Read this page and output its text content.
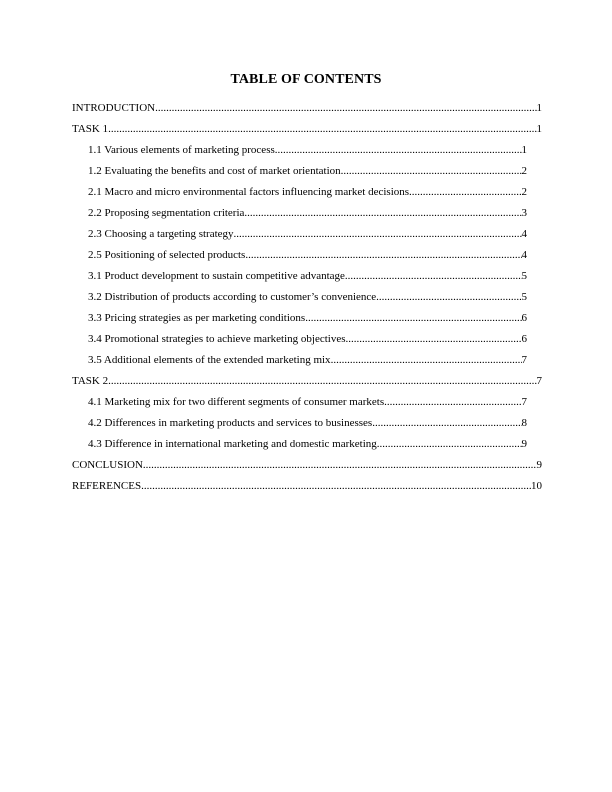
TABLE OF CONTENTS
INTRODUCTION .....	1
TASK 1 .....	1
1.1 Various elements of marketing process .....	1
1.2 Evaluating the benefits and cost of market orientation .....	2
2.1 Macro and micro environmental factors influencing market decisions .....	2
2.2 Proposing segmentation criteria .....	3
2.3 Choosing a targeting strategy .....	4
2.5 Positioning of selected products .....	4
3.1 Product development to sustain competitive advantage .....	5
3.2 Distribution of products according to customer’s convenience .....	5
3.3 Pricing strategies as per marketing conditions .....	6
3.4 Promotional strategies to achieve marketing objectives .....	6
3.5 Additional elements of the extended marketing mix .....	7
TASK 2 .....	7
4.1 Marketing mix for two different segments of consumer markets .....	7
4.2 Differences in marketing products and services to businesses .....	8
4.3 Difference in international marketing and domestic marketing .....	9
CONCLUSION .....	9
REFERENCES .....	10
